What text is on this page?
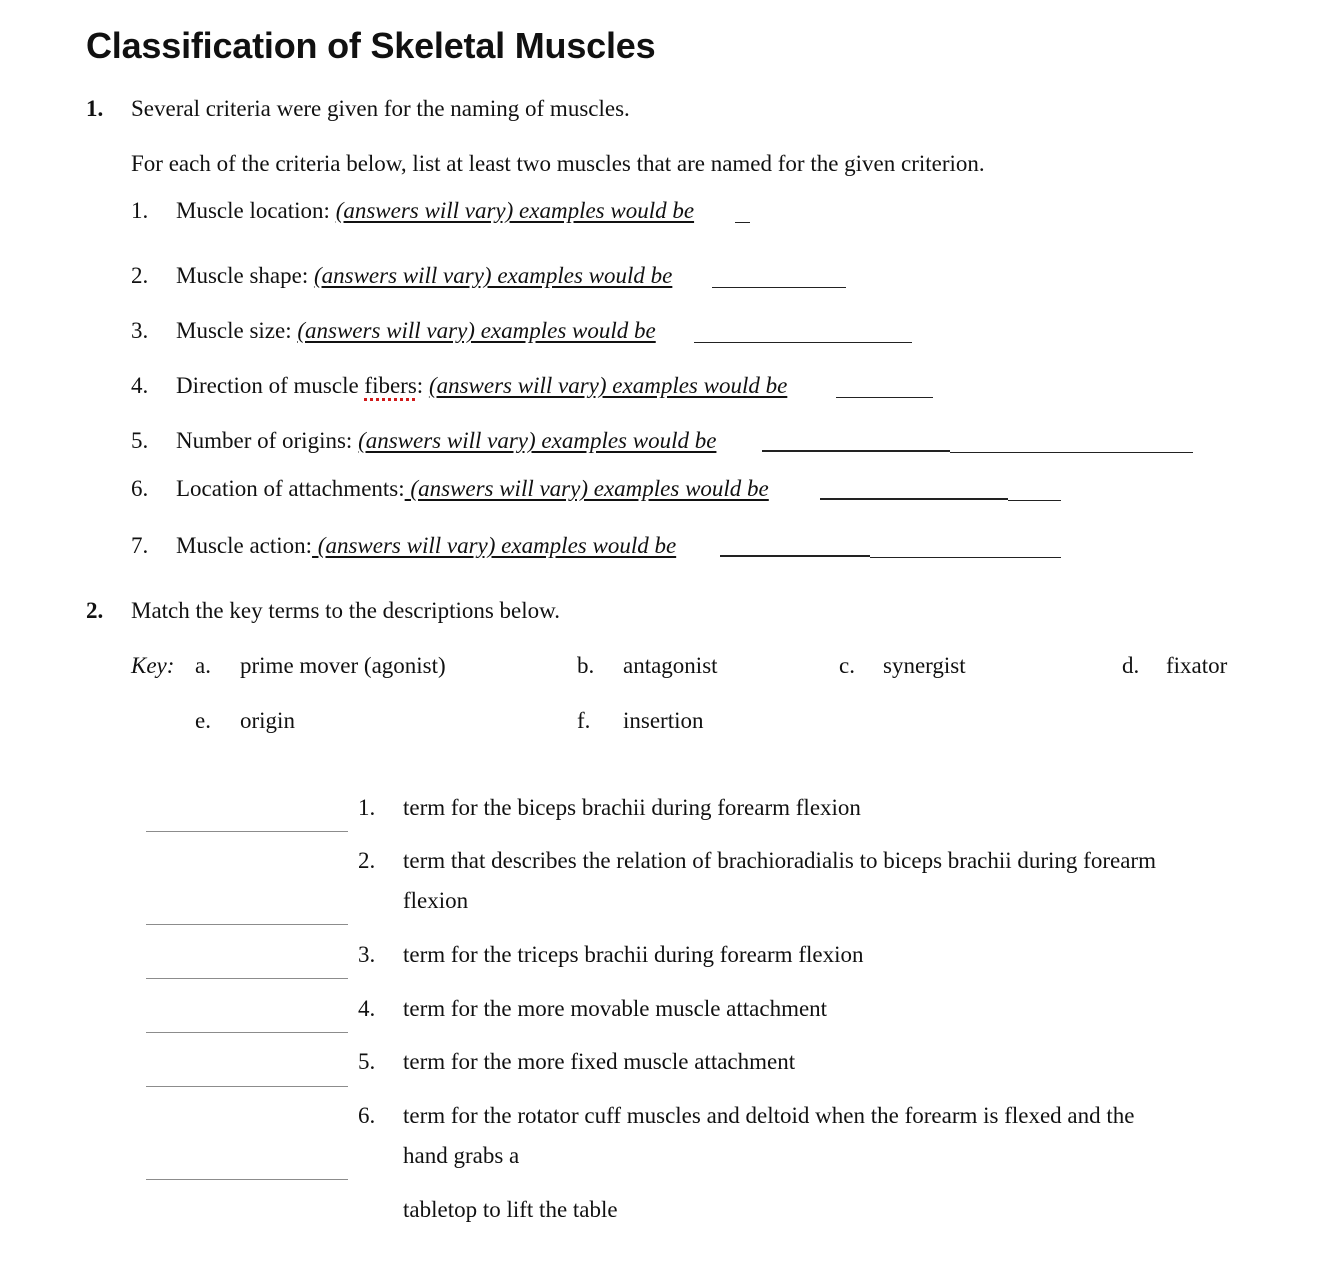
Classification of Skeletal Muscles
1. Several criteria were given for the naming of muscles.
For each of the criteria below, list at least two muscles that are named for the given criterion.
1. Muscle location: (answers will vary) examples would be
2. Muscle shape: (answers will vary) examples would be
3. Muscle size: (answers will vary) examples would be
4. Direction of muscle fibers: (answers will vary) examples would be
5. Number of origins: (answers will vary) examples would be
6. Location of attachments: (answers will vary) examples would be
7. Muscle action: (answers will vary) examples would be
2. Match the key terms to the descriptions below.
Key: a. prime mover (agonist)	b. antagonist	c. synergist	d. fixator
e. origin	f. insertion
1. term for the biceps brachii during forearm flexion
2. term that describes the relation of brachioradialis to biceps brachii during forearm
flexion
3. term for the triceps brachii during forearm flexion
4. term for the more movable muscle attachment
5. term for the more fixed muscle attachment
6. term for the rotator cuff muscles and deltoid when the forearm is flexed and the
hand grabs a
tabletop to lift the table
